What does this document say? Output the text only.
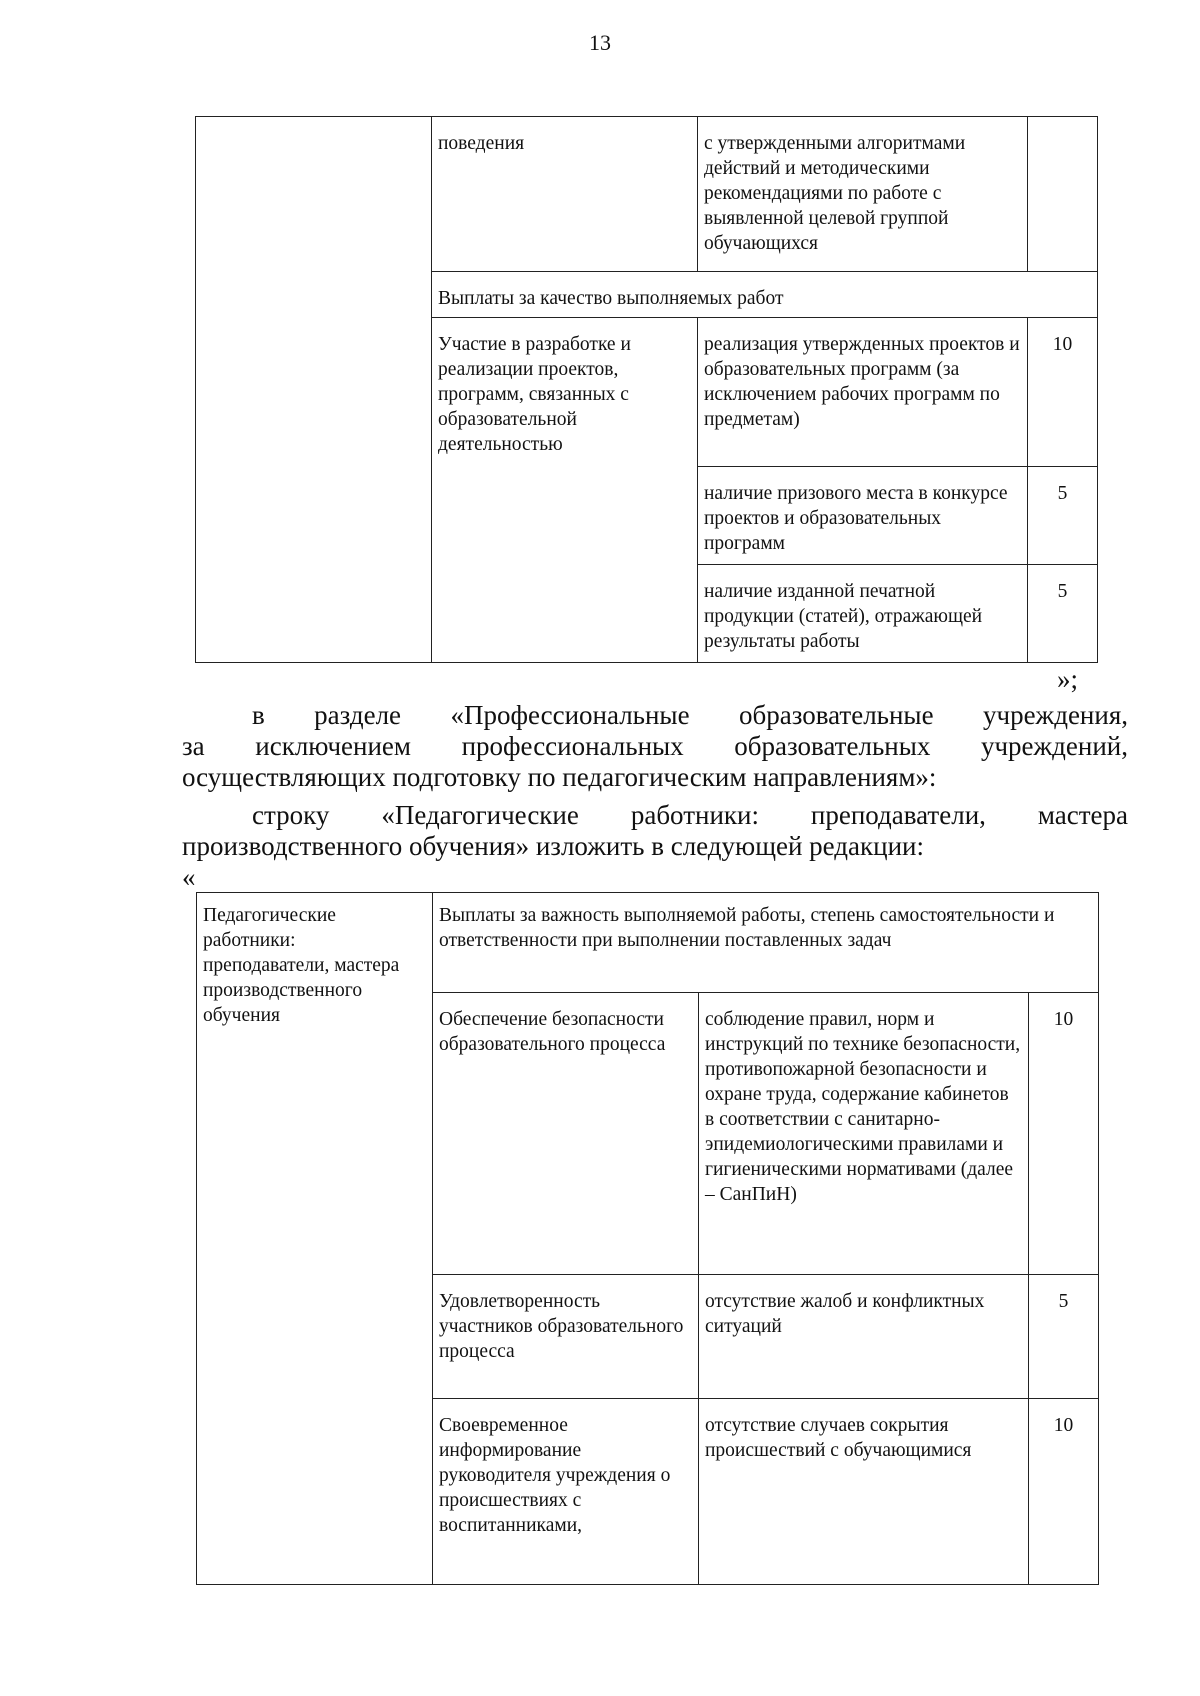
13
	поведения	с утвержденными алгоритмами действий и методическими рекомендациями по работе с выявленной целевой группой обучающихся	
	Выплаты за качество выполняемых работ		
	Участие в разработке и реализации проектов, программ, связанных с образовательной деятельностью	реализация утвержденных проектов и образовательных программ (за исключением рабочих программ по предметам)	10
		наличие призового места в конкурсе проектов и образовательных программ	5
		наличие изданной печатной продукции (статей), отражающей результаты работы	5
»;
в разделе «Профессиональные образовательные учреждения,
за исключением профессиональных образовательных учреждений,
осуществляющих подготовку по педагогическим направлениям»:
строку «Педагогические работники: преподаватели, мастера
производственного обучения» изложить в следующей редакции:
«
Педагогические работники: преподаватели, мастера производственного обучения	Выплаты за важность выполняемой работы, степень самостоятельности и ответственности при выполнении поставленных задач		
	Обеспечение безопасности образовательного процесса	соблюдение правил, норм и инструкций по технике безопасности, противопожарной безопасности и охране труда, содержание кабинетов в соответствии с санитарно-эпидемиологическими правилами и гигиеническими нормативами (далее – СанПиН)	10
	Удовлетворенность участников образовательного процесса	отсутствие жалоб и конфликтных ситуаций	5
	Своевременное информирование руководителя учреждения о происшествиях с воспитанниками,	отсутствие случаев сокрытия происшествий с обучающимися	10
